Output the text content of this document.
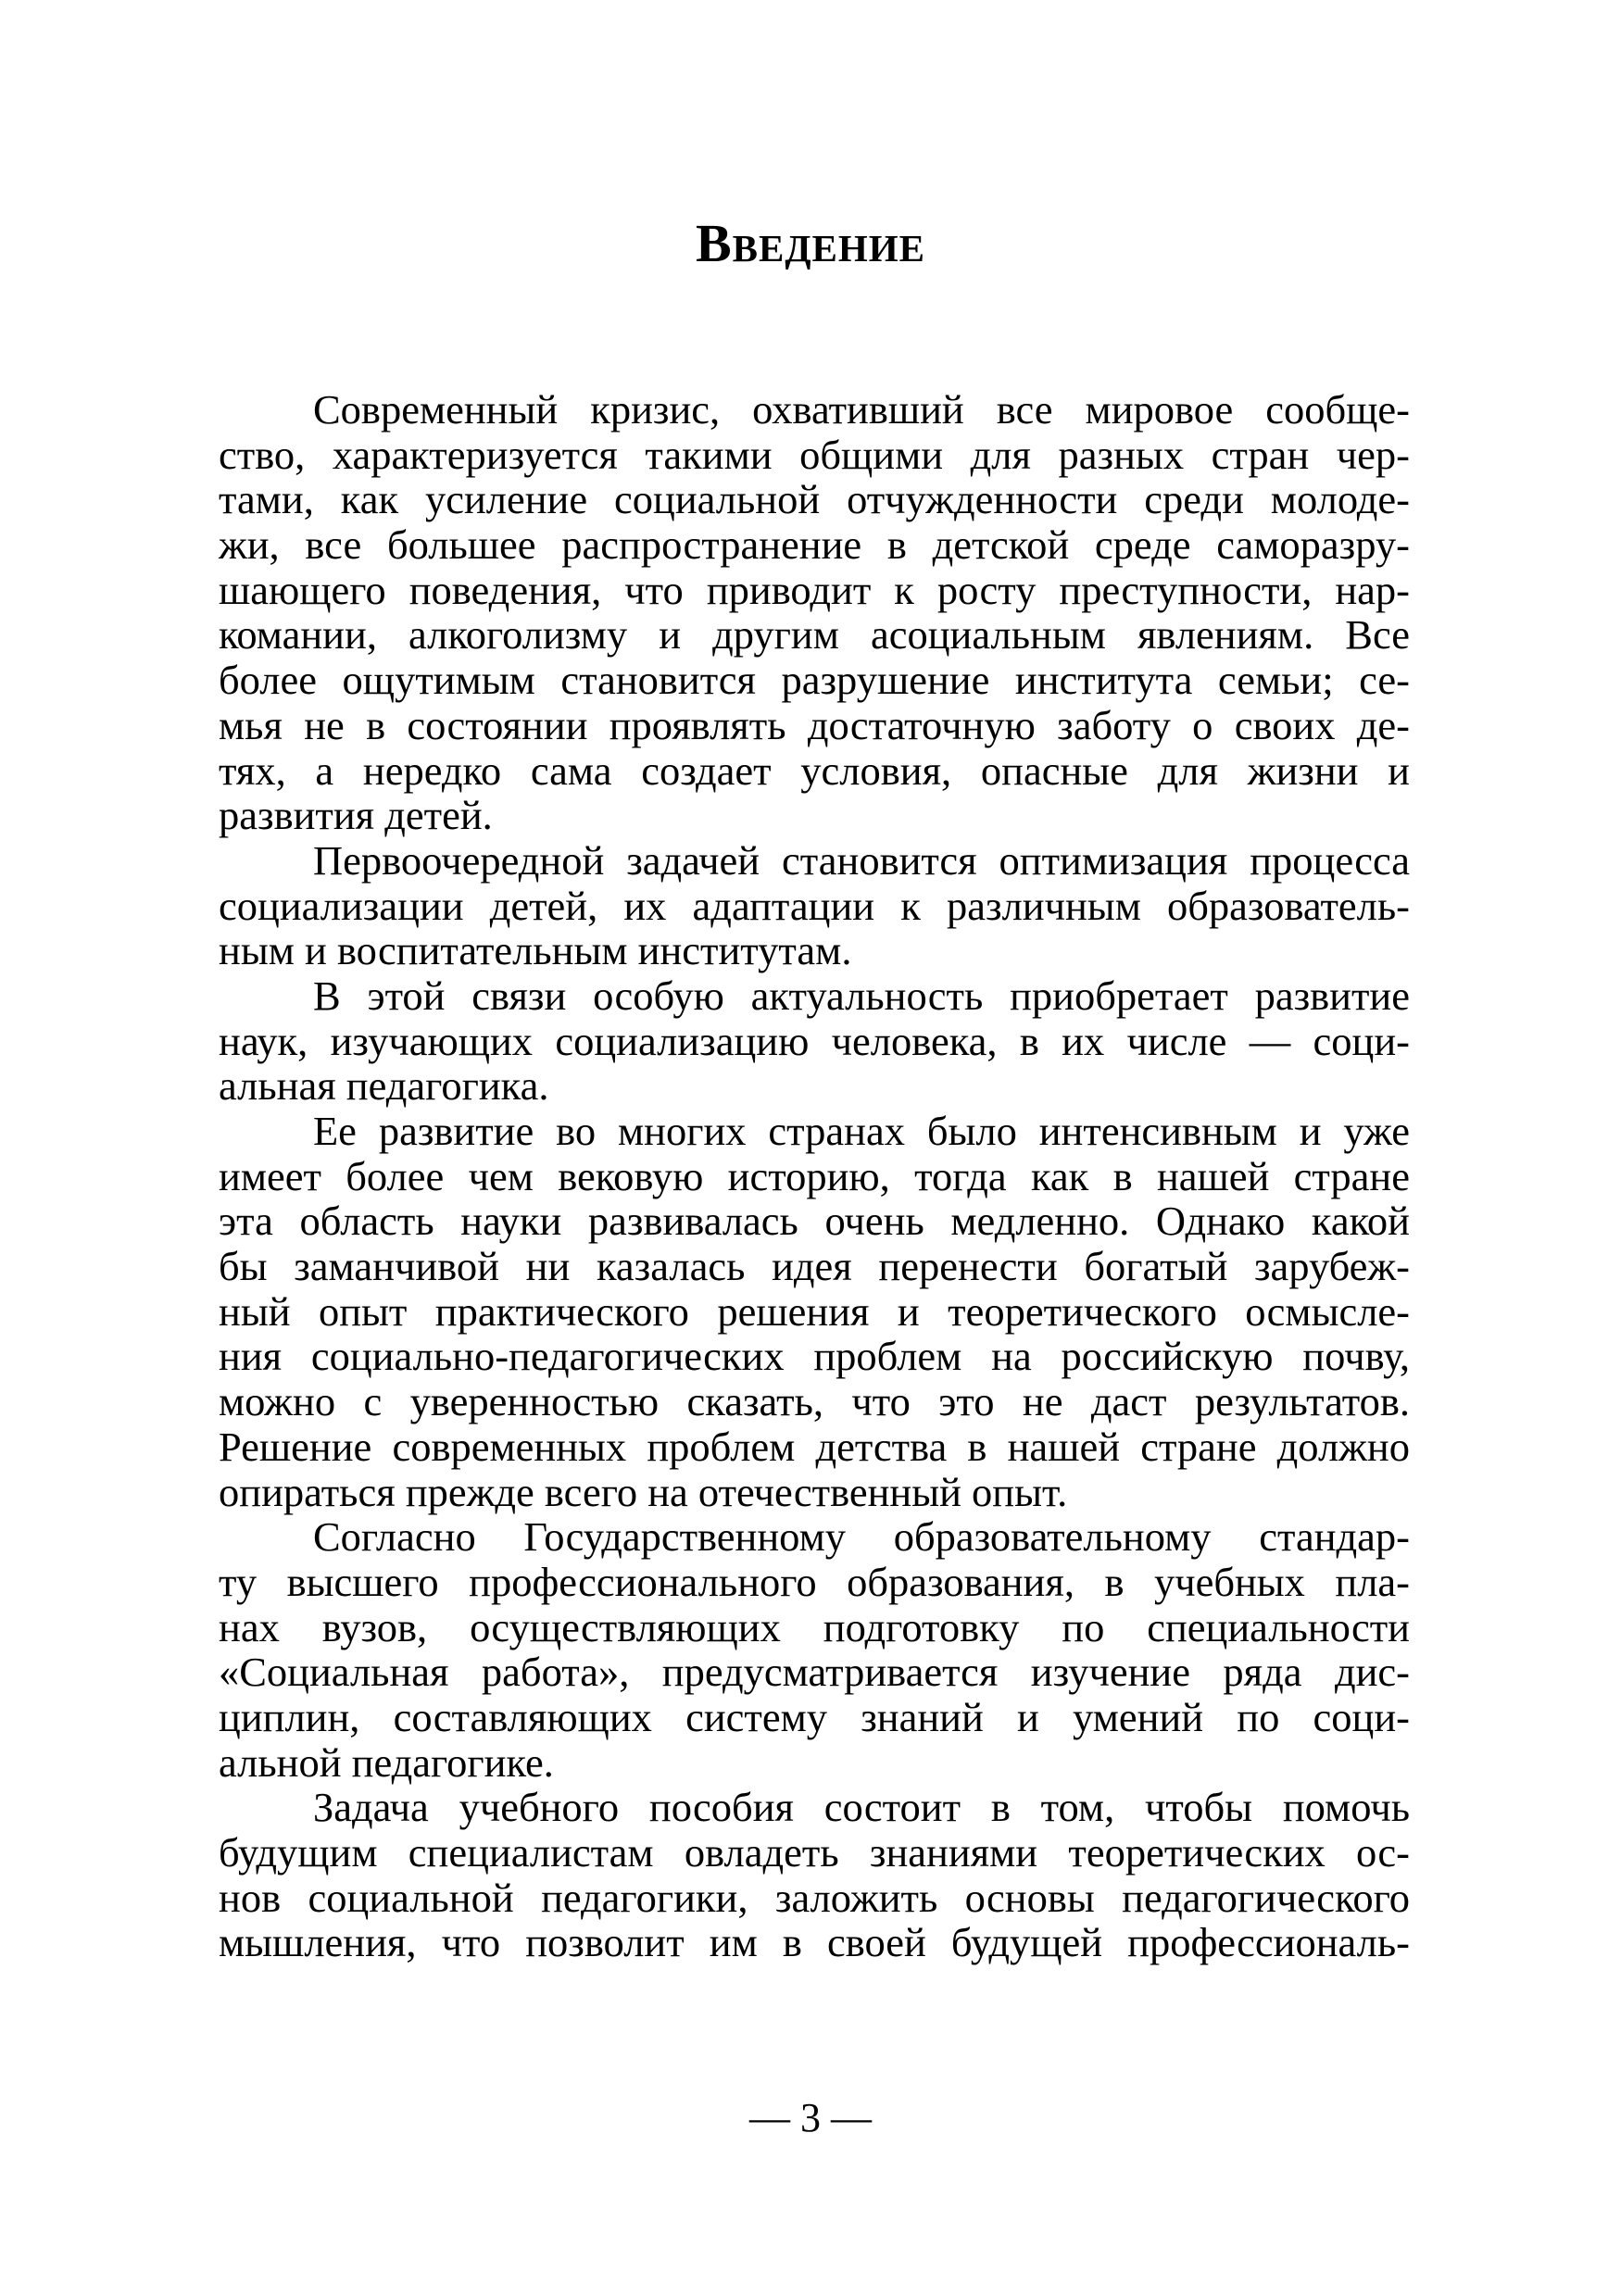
Введение
Современный кризис, охвативший все мировое сообще-
ство, характеризуется такими общими для разных стран чер-
тами, как усиление социальной отчужденности среди молоде-
жи, все большее распространение в детской среде саморазру-
шающего поведения, что приводит к росту преступности, нар-
комании, алкоголизму и другим асоциальным явлениям. Все
более ощутимым становится разрушение института семьи; се-
мья не в состоянии проявлять достаточную заботу о своих де-
тях, а нередко сама создает условия, опасные для жизни и
развития детей.
Первоочередной задачей становится оптимизация процесса
социализации детей, их адаптации к различным образователь-
ным и воспитательным институтам.
В этой связи особую актуальность приобретает развитие
наук, изучающих социализацию человека, в их числе — соци-
альная педагогика.
Ее развитие во многих странах было интенсивным и уже
имеет более чем вековую историю, тогда как в нашей стране
эта область науки развивалась очень медленно. Однако какой
бы заманчивой ни казалась идея перенести богатый зарубеж-
ный опыт практического решения и теоретического осмысле-
ния социально-педагогических проблем на российскую почву,
можно с уверенностью сказать, что это не даст результатов.
Решение современных проблем детства в нашей стране должно
опираться прежде всего на отечественный опыт.
Согласно Государственному образовательному стандар-
ту высшего профессионального образования, в учебных пла-
нах вузов, осуществляющих подготовку по специальности
«Социальная работа», предусматривается изучение ряда дис-
циплин, составляющих систему знаний и умений по соци-
альной педагогике.
Задача учебного пособия состоит в том, чтобы помочь
будущим специалистам овладеть знаниями теоретических ос-
нов социальной педагогики, заложить основы педагогического
мышления, что позволит им в своей будущей профессиональ-
— 3 —
